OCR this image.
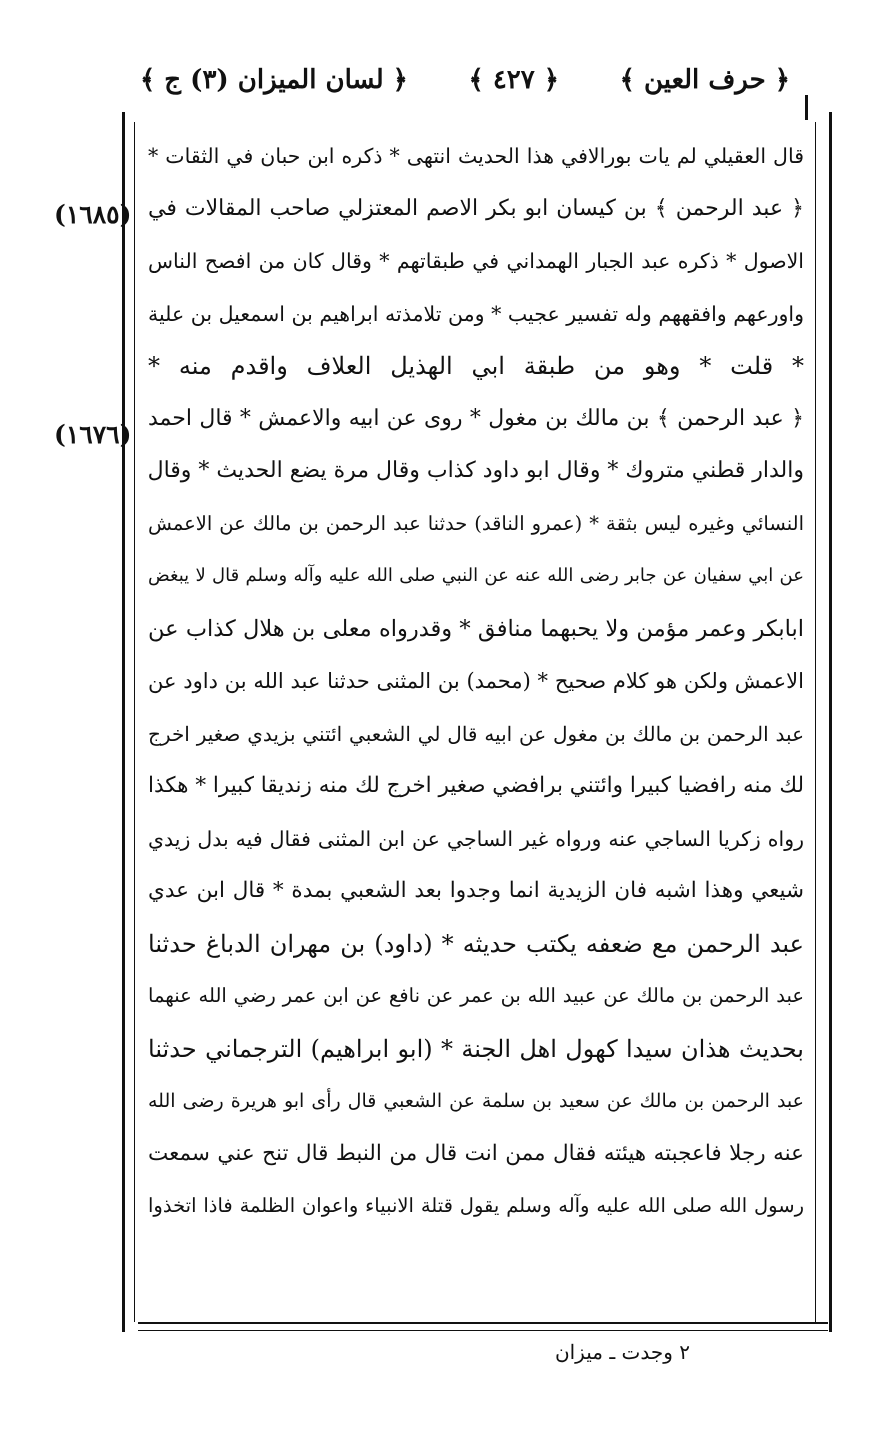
﴿ حرف العين ﴾
﴿ ٤٢٧ ﴾
﴿ لسان الميزان (٣) ج ﴾
(١٦٨٥)
(١٦٧٦)
قال العقيلي لم يات بورالافي هذا الحديث انتهى * ذكره ابن حبان في الثقات *
﴿ عبد الرحمن ﴾ بن كيسان ابو بكر الاصم المعتزلي صاحب المقالات في
الاصول * ذكره عبد الجبار الهمداني في طبقاتهم * وقال كان من افصح الناس
واورعهم وافقههم وله تفسير عجيب * ومن تلامذته ابراهيم بن اسمعيل بن علية
* قلت * وهو من طبقة ابي الهذيل العلاف واقدم منه *
﴿ عبد الرحمن ﴾ بن مالك بن مغول * روى عن ابيه والاعمش * قال احمد
والدار قطني متروك * وقال ابو داود كذاب وقال مرة يضع الحديث * وقال
النسائي وغيره ليس بثقة * (عمرو الناقد) حدثنا عبد الرحمن بن مالك عن الاعمش
عن ابي سفيان عن جابر رضى الله عنه عن النبي صلى الله عليه وآله وسلم قال لا يبغض
ابابكر وعمر مؤمن ولا يحبهما منافق * وقدرواه معلى بن هلال كذاب عن
الاعمش ولكن هو كلام صحيح * (محمد) بن المثنى حدثنا عبد الله بن داود عن
عبد الرحمن بن مالك بن مغول عن ابيه قال لي الشعبي ائتني بزيدي صغير اخرج
لك منه رافضيا كبيرا وائتني برافضي صغير اخرج لك منه زنديقا كبيرا * هكذا
رواه زكريا الساجي عنه ورواه غير الساجي عن ابن المثنى فقال فيه بدل زيدي
شيعي وهذا اشبه فان الزيدية انما وجدوا بعد الشعبي بمدة * قال ابن عدي
عبد الرحمن مع ضعفه يكتب حديثه * (داود) بن مهران الدباغ حدثنا
عبد الرحمن بن مالك عن عبيد الله بن عمر عن نافع عن ابن عمر رضي الله عنهما
بحديث هذان سيدا كهول اهل الجنة * (ابو ابراهيم) الترجماني حدثنا
عبد الرحمن بن مالك عن سعيد بن سلمة عن الشعبي قال رأى ابو هريرة رضى الله
عنه رجلا فاعجبته هيئته فقال ممن انت قال من النبط قال تنح عني سمعت
رسول الله صلى الله عليه وآله وسلم يقول قتلة الانبياء واعوان الظلمة فاذا اتخذوا
٢ وجدت ـ ميزان
